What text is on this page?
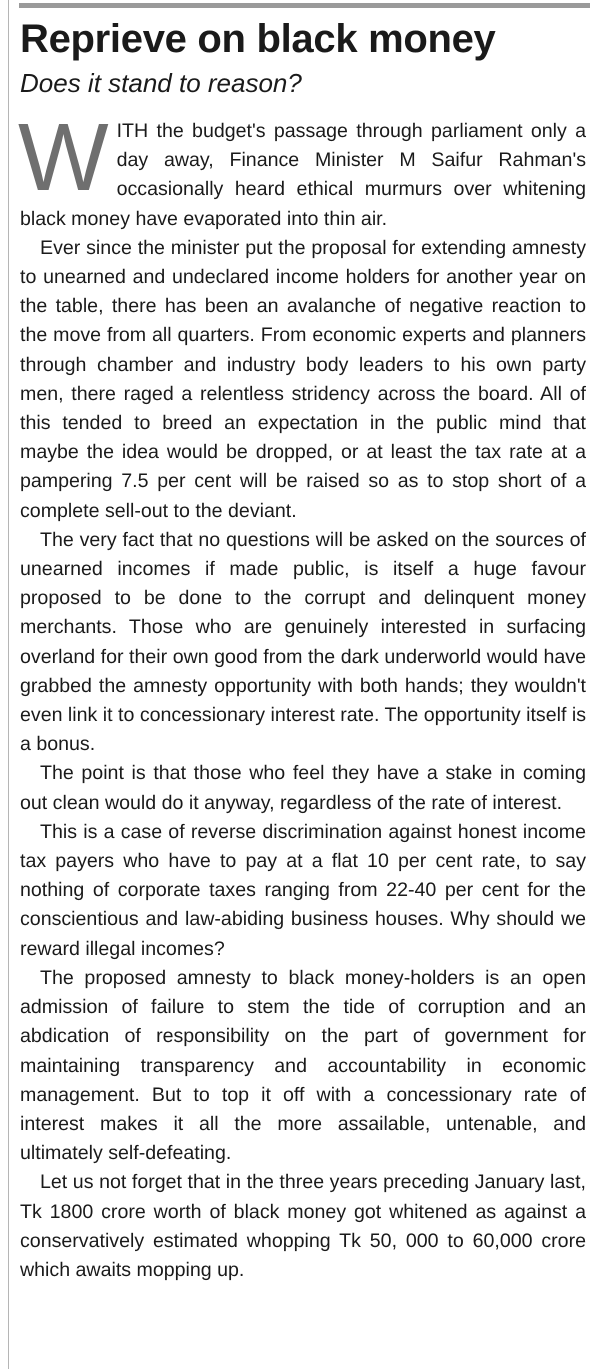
Reprieve on black money
Does it stand to reason?

WITH the budget's passage through parliament only a day away, Finance Minister M Saifur Rahman's occasionally heard ethical murmurs over whitening black money have evaporated into thin air.

Ever since the minister put the proposal for extending amnesty to unearned and undeclared income holders for another year on the table, there has been an avalanche of negative reaction to the move from all quarters. From economic experts and planners through chamber and industry body leaders to his own party men, there raged a relentless stridency across the board. All of this tended to breed an expectation in the public mind that maybe the idea would be dropped, or at least the tax rate at a pampering 7.5 per cent will be raised so as to stop short of a complete sell-out to the deviant.

The very fact that no questions will be asked on the sources of unearned incomes if made public, is itself a huge favour proposed to be done to the corrupt and delinquent money merchants. Those who are genuinely interested in surfacing overland for their own good from the dark underworld would have grabbed the amnesty opportunity with both hands; they wouldn't even link it to concessionary interest rate. The opportunity itself is a bonus.

The point is that those who feel they have a stake in coming out clean would do it anyway, regardless of the rate of interest.

This is a case of reverse discrimination against honest income tax payers who have to pay at a flat 10 per cent rate, to say nothing of corporate taxes ranging from 22-40 per cent for the conscientious and law-abiding business houses. Why should we reward illegal incomes?

The proposed amnesty to black money-holders is an open admission of failure to stem the tide of corruption and an abdication of responsibility on the part of government for maintaining transparency and accountability in economic management. But to top it off with a concessionary rate of interest makes it all the more assailable, untenable, and ultimately self-defeating.

Let us not forget that in the three years preceding January last, Tk 1800 crore worth of black money got whitened as against a conservatively estimated whopping Tk 50, 000 to 60,000 crore which awaits mopping up.
